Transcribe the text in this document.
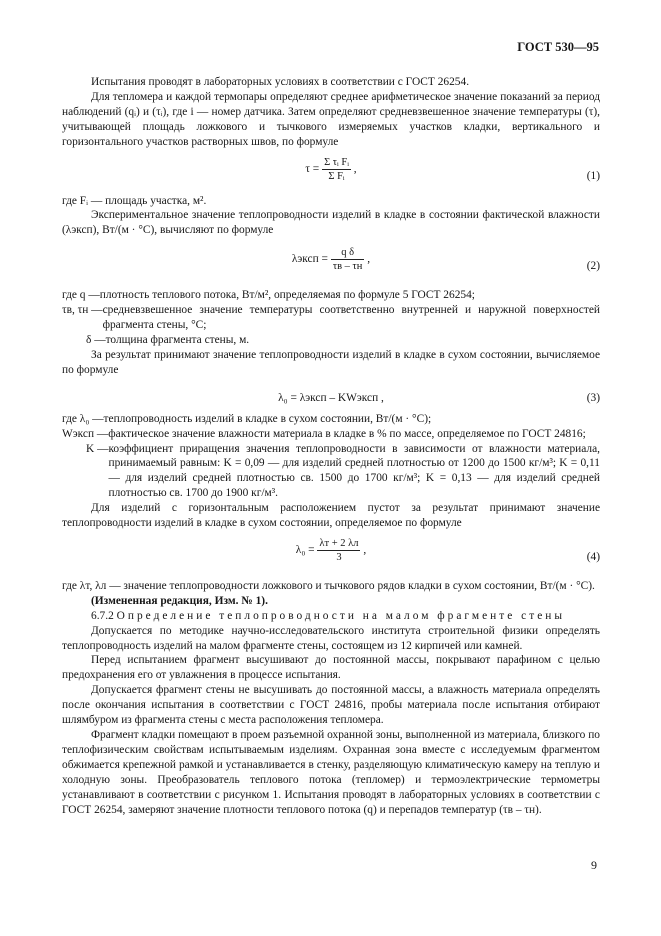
ГОСТ 530—95

Испытания проводят в лабораторных условиях в соответствии с ГОСТ 26254.

Для тепломера и каждой термопары определяют среднее арифметическое значение показаний за период наблюдений (qᵢ) и (τᵢ), где i — номер датчика. Затем определяют средневзвешенное значение температуры (τ), учитывающей площадь ложкового и тычкового измеряемых участков кладки, вертикального и горизонтального участков растворных швов, по формуле

$\tau = \frac{\text{Σ τᵢ Fᵢ}}{\text{Σ Fᵢ}}$ ,
(1)

где Fᵢ — площадь участка, м².

Экспериментальное значение теплопроводности изделий в кладке в состоянии фактической влажности (λэксп), Вт/(м · °С), вычисляют по формуле

λэксп = $\frac{\text{q δ}}{\tau в - \tau н}$ ,
(2)
где q — плотность теплового потока, Вт/м², определяемая по формуле 5 ГОСТ 26254;
τв, τн — средневзвешенное значение температуры соответственно внутренней и наружной поверхностей фрагмента стены, °С;
δ — толщина фрагмента стены, м.

За результат принимают значение теплопроводности изделий в кладке в сухом состоянии, вычисляемое по формуле

λ₀ = λэксп – KWэксп ,	(3)
где λ₀ — теплопроводность изделий в кладке в сухом состоянии, Вт/(м · °С);
Wэксп — фактическое значение влажности материала в кладке в % по массе, определяемое по ГОСТ 24816;
K — коэффициент приращения значения теплопроводности в зависимости от влажности материала, принимаемый равным: K = 0,09 — для изделий средней плотностью от 1200 до 1500 кг/м³; K = 0,11 — для изделий средней плотностью св. 1500 до 1700 кг/м³; K = 0,13 — для изделий средней плотностью св. 1700 до 1900 кг/м³.

Для изделий с горизонтальным расположением пустот за результат принимают значение теплопроводности изделий в кладке в сухом состоянии, определяемое по формуле

$\lambda_0 = \frac{\lambda т + 2 \lambda л}{3}$ ,
(4)

где λт, λл — значение теплопроводности ложкового и тычкового рядов кладки в сухом состоянии, Вт/(м · °С).

(Измененная редакция, Изм. № 1).

6.7.2 Определение теплопроводности на малом фрагменте стены

Допускается по методике научно-исследовательского института строительной физики определять теплопроводность изделий на малом фрагменте стены, состоящем из 12 кирпичей или камней.

Перед испытанием фрагмент высушивают до постоянной массы, покрывают парафином с целью предохранения его от увлажнения в процессе испытания.

Допускается фрагмент стены не высушивать до постоянной массы, а влажность материала определять после окончания испытания в соответствии с ГОСТ 24816, пробы материала после испытания отбирают шлямбуром из фрагмента стены с места расположения тепломера.

Фрагмент кладки помещают в проем разъемной охранной зоны, выполненной из материала, близкого по теплофизическим свойствам испытываемым изделиям. Охранная зона вместе с исследуемым фрагментом обжимается крепежной рамкой и устанавливается в стенку, разделяющую климатическую камеру на теплую и холодную зоны. Преобразователь теплового потока (тепломер) и термоэлектрические термометры устанавливают в соответствии с рисунком 1. Испытания проводят в лабораторных условиях в соответствии с ГОСТ 26254, замеряют значение плотности теплового потока (q) и перепадов температур (τв – τн).

9
